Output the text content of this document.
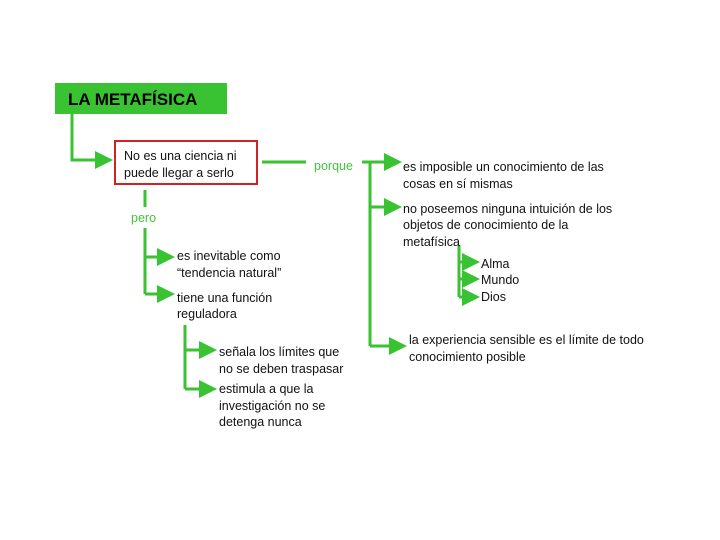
LA METAFÍSICA
No es una ciencia ni
puede llegar a serlo	porque
pero
es inevitable como
“tendencia natural”
tiene una función
reguladora
señala los límites que
no se deben traspasar
estimula a que la
investigación no se
detenga nunca
es imposible un conocimiento de las
cosas en sí mismas
no poseemos ninguna intuición de los
objetos de conocimiento de la
metafísica
Alma
Mundo
Dios
la experiencia sensible es el límite de todo
conocimiento posible
